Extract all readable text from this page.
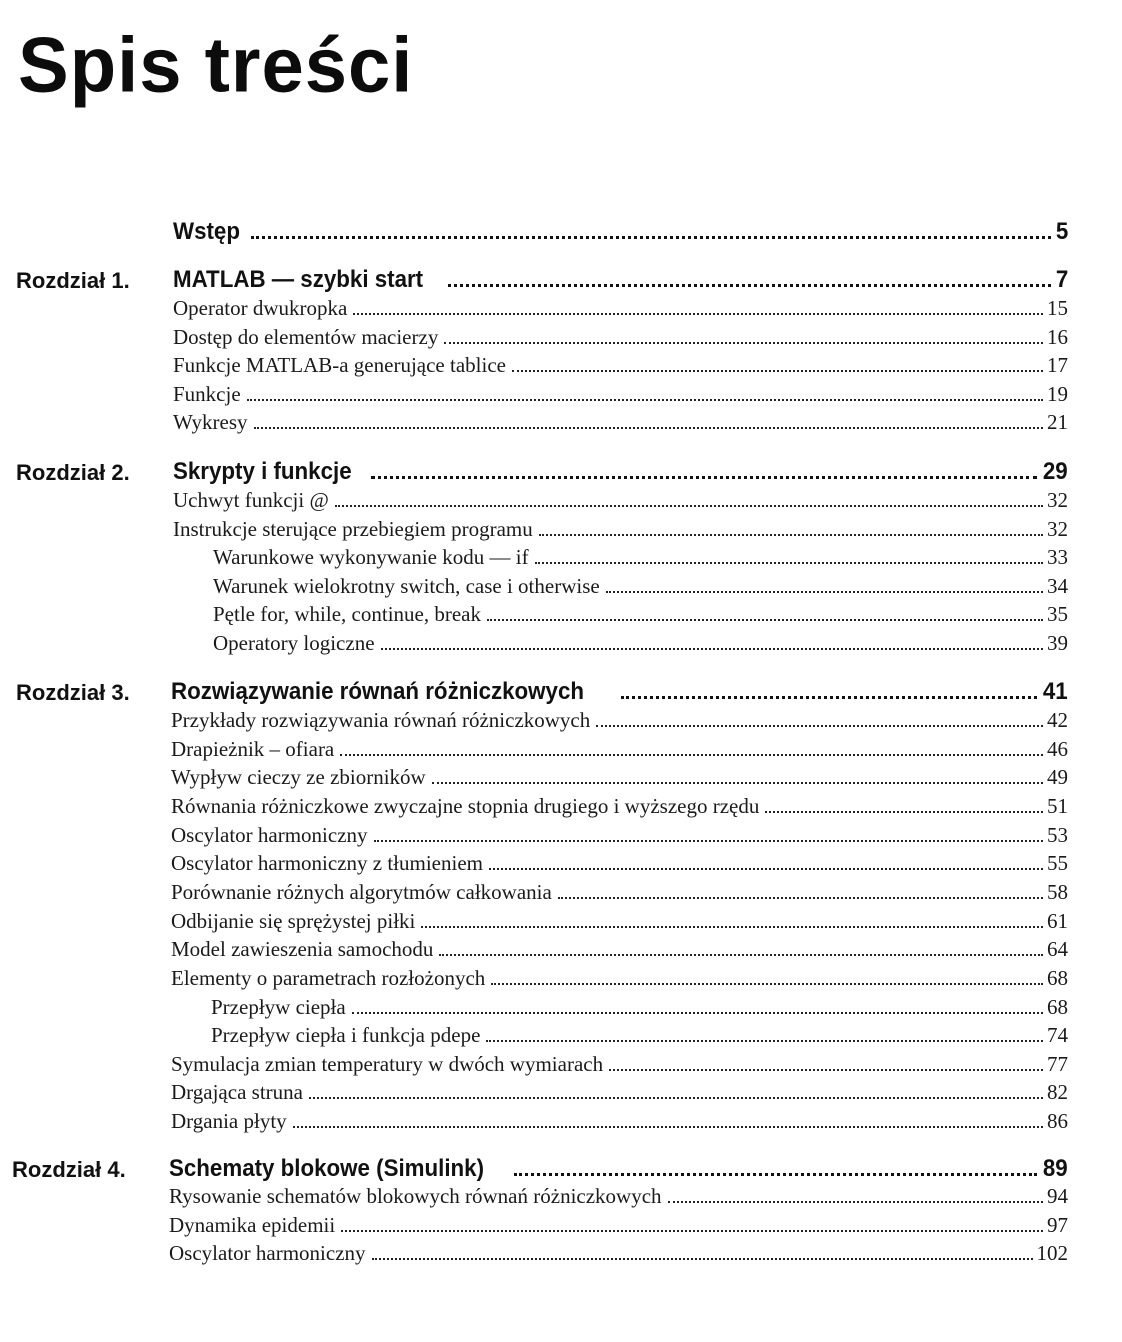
Spis treści
Wstęp	5
Rozdział 1. MATLAB — szybki start	7
Operator dwukropka	15
Dostęp do elementów macierzy	16
Funkcje MATLAB-a generujące tablice	17
Funkcje	19
Wykresy	21
Rozdział 2. Skrypty i funkcje	29
Uchwyt funkcji @	32
Instrukcje sterujące przebiegiem programu	32
Warunkowe wykonywanie kodu — if	33
Warunek wielokrotny switch, case i otherwise	34
Pętle for, while, continue, break	35
Operatory logiczne	39
Rozdział 3. Rozwiązywanie równań różniczkowych	41
Przykłady rozwiązywania równań różniczkowych	42
Drapieżnik – ofiara	46
Wypływ cieczy ze zbiorników	49
Równania różniczkowe zwyczajne stopnia drugiego i wyższego rzędu	51
Oscylator harmoniczny	53
Oscylator harmoniczny z tłumieniem	55
Porównanie różnych algorytmów całkowania	58
Odbijanie się sprężystej piłki	61
Model zawieszenia samochodu	64
Elementy o parametrach rozłożonych	68
Przepływ ciepła	68
Przepływ ciepła i funkcja pdepe	74
Symulacja zmian temperatury w dwóch wymiarach	77
Drgająca struna	82
Drgania płyty	86
Rozdział 4. Schematy blokowe (Simulink)	89
Rysowanie schematów blokowych równań różniczkowych	94
Dynamika epidemii	97
Oscylator harmoniczny	102
